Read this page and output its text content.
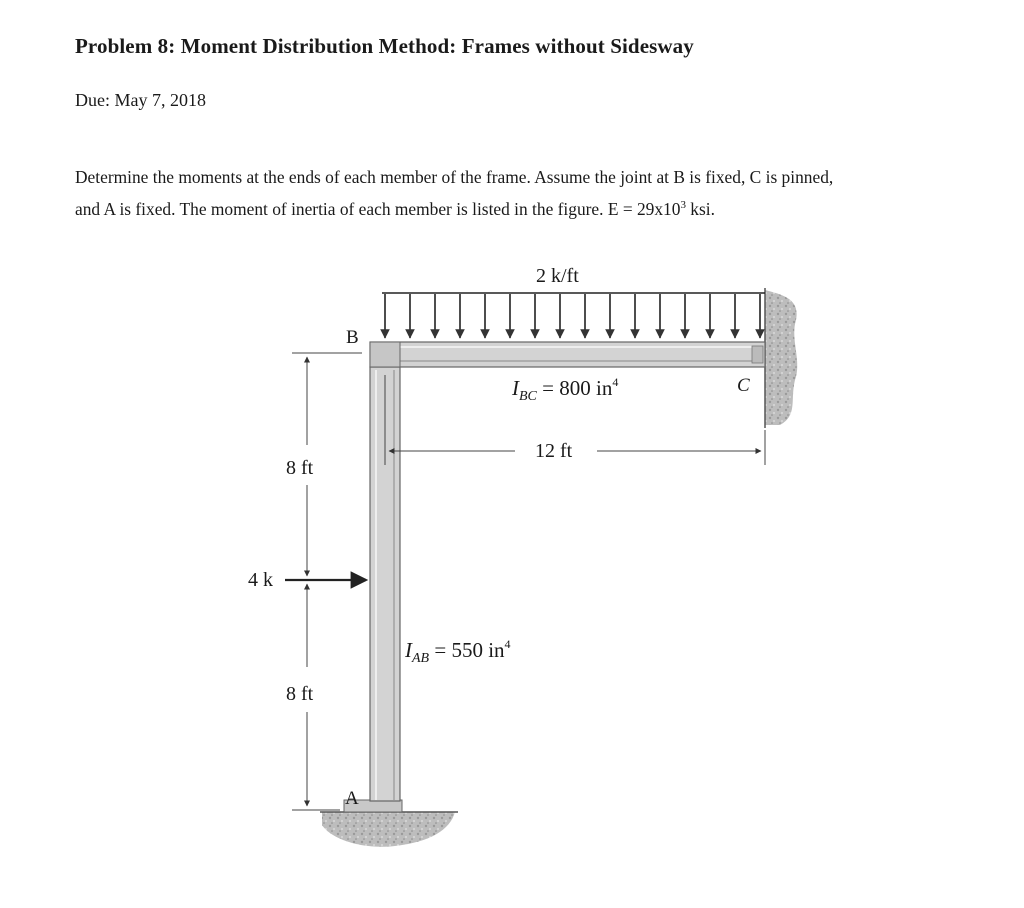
Problem 8: Moment Distribution Method: Frames without Sidesway
Due: May 7, 2018
Determine the moments at the ends of each member of the frame. Assume the joint at B is fixed, C is pinned,
and A is fixed. The moment of inertia of each member is listed in the figure. $E = 29x10^3$ ksi.
2 k/ft
B
C
A
$I_{BC} = 800$ $in^4$
$I_{AB} = 550$ $in^4$
12 ft
8 ft
8 ft
4 k
